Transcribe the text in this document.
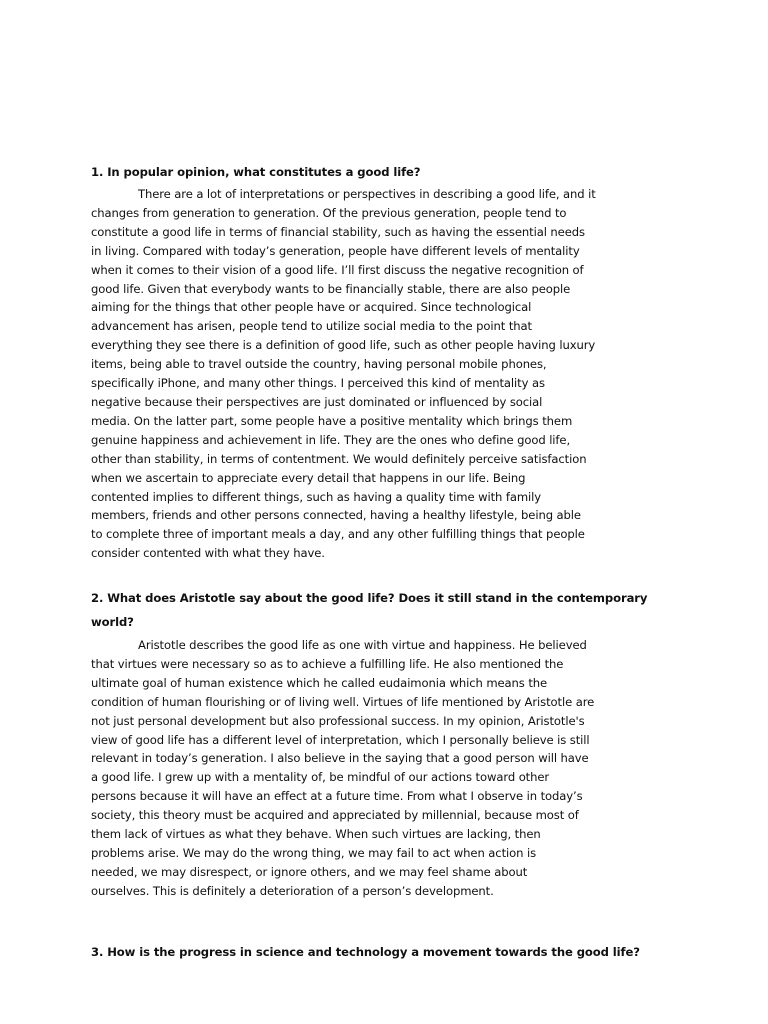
1. In popular opinion, what constitutes a good life?
There are a lot of interpretations or perspectives in describing a good life, and it
changes from generation to generation. Of the previous generation, people tend to
constitute a good life in terms of financial stability, such as having the essential needs
in living. Compared with today’s generation, people have different levels of mentality
when it comes to their vision of a good life. I’ll first discuss the negative recognition of
good life. Given that everybody wants to be financially stable, there are also people
aiming for the things that other people have or acquired. Since technological
advancement has arisen, people tend to utilize social media to the point that
everything they see there is a definition of good life, such as other people having luxury
items, being able to travel outside the country, having personal mobile phones,
specifically iPhone, and many other things. I perceived this kind of mentality as
negative because their perspectives are just dominated or influenced by social
media. On the latter part, some people have a positive mentality which brings them
genuine happiness and achievement in life. They are the ones who define good life,
other than stability, in terms of contentment. We would definitely perceive satisfaction
when we ascertain to appreciate every detail that happens in our life. Being
contented implies to different things, such as having a quality time with family
members, friends and other persons connected, having a healthy lifestyle, being able
to complete three of important meals a day, and any other fulfilling things that people
consider contented with what they have.
2. What does Aristotle say about the good life? Does it still stand in the contemporary
world?
Aristotle describes the good life as one with virtue and happiness. He believed
that virtues were necessary so as to achieve a fulfilling life. He also mentioned the
ultimate goal of human existence which he called eudaimonia which means the
condition of human flourishing or of living well. Virtues of life mentioned by Aristotle are
not just personal development but also professional success. In my opinion, Aristotle's
view of good life has a different level of interpretation, which I personally believe is still
relevant in today’s generation. I also believe in the saying that a good person will have
a good life. I grew up with a mentality of, be mindful of our actions toward other
persons because it will have an effect at a future time. From what I observe in today’s
society, this theory must be acquired and appreciated by millennial, because most of
them lack of virtues as what they behave. When such virtues are lacking, then
problems arise. We may do the wrong thing, we may fail to act when action is
needed, we may disrespect, or ignore others, and we may feel shame about
ourselves. This is definitely a deterioration of a person’s development.
3. How is the progress in science and technology a movement towards the good life?
